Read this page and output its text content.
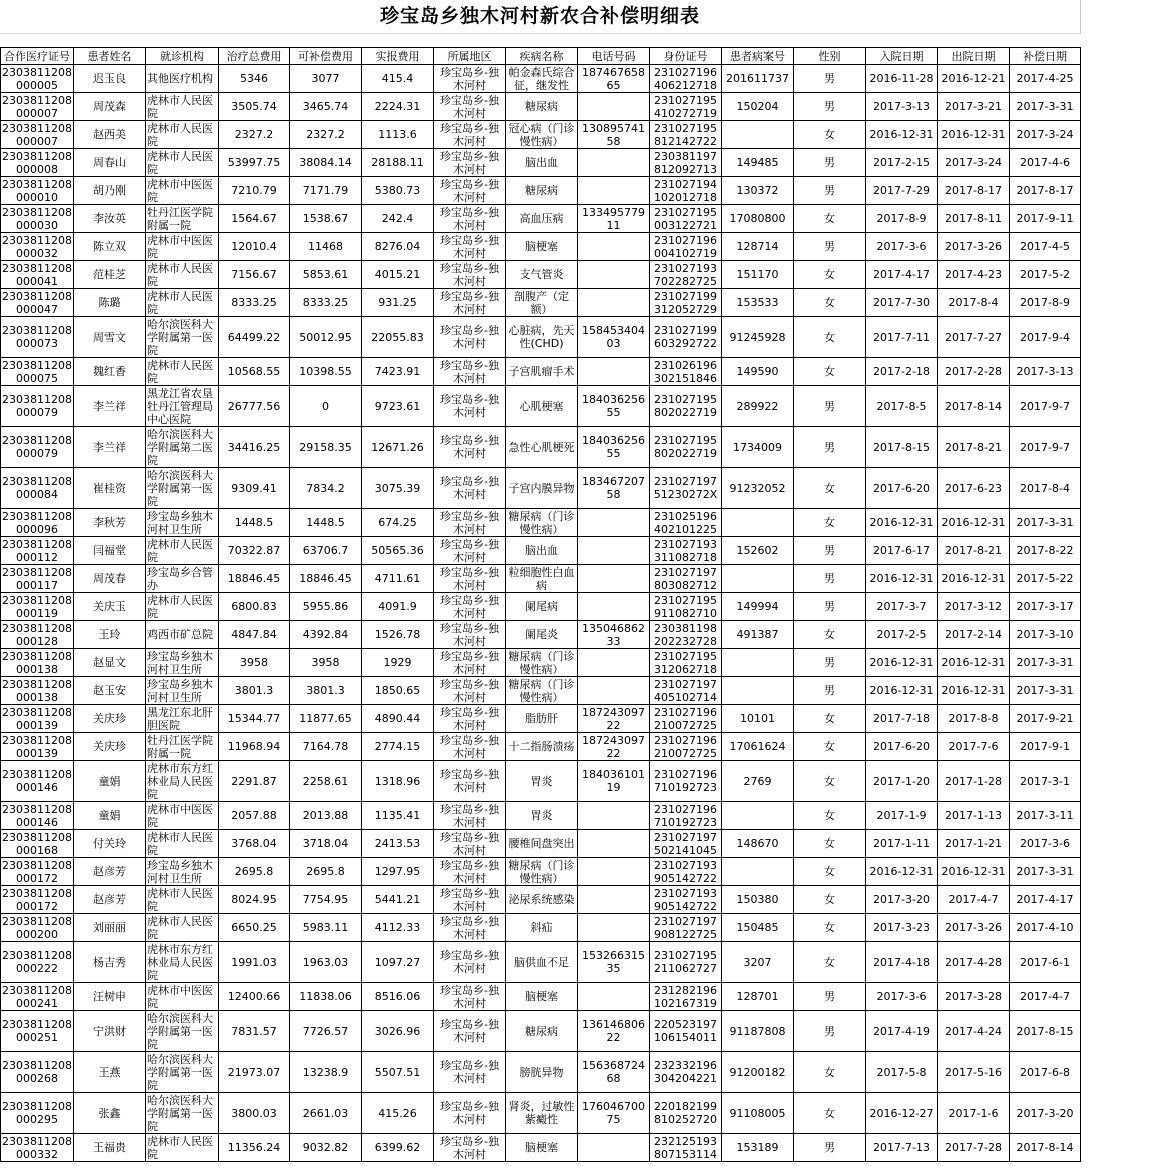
珍宝岛乡独木河村新农合补偿明细表
合作医疗证号	患者姓名	就诊机构	治疗总费用	可补偿费用	实报费用	所属地区	疾病名称	电话号码	身份证号	患者病案号	性别	入院日期	出院日期	补偿日期
2303811208000005	迟玉良	其他医疗机构	5346	3077	415.4	珍宝岛乡-独木河村	帕金森氏综合征，继发性	18746765865	231027196406212718	201611737	男	2016-11-28	2016-12-21	2017-4-25
2303811208000007	周茂森	虎林市人民医院	3505.74	3465.74	2224.31	珍宝岛乡-独木河村	糖尿病		231027195410272719	150204	男	2017-3-13	2017-3-21	2017-3-31
2303811208000007	赵西美	虎林市人民医院	2327.2	2327.2	1113.6	珍宝岛乡-独木河村	冠心病（门诊慢性病）	13089574158	231027195812142722		女	2016-12-31	2016-12-31	2017-3-24
2303811208000008	周春山	虎林市人民医院	53997.75	38084.14	28188.11	珍宝岛乡-独木河村	脑出血		230381197812092713	149485	男	2017-2-15	2017-3-24	2017-4-6
2303811208000010	胡乃刚	虎林市中医医院	7210.79	7171.79	5380.73	珍宝岛乡-独木河村	糖尿病		231027194102012718	130372	男	2017-7-29	2017-8-17	2017-8-17
2303811208000030	李汝英	牡丹江医学院附属一院	1564.67	1538.67	242.4	珍宝岛乡-独木河村	高血压病	13349577911	231027195003122721	17080800	女	2017-8-9	2017-8-11	2017-9-11
2303811208000032	陈立双	虎林市中医医院	12010.4	11468	8276.04	珍宝岛乡-独木河村	脑梗塞		231027196004102719	128714	男	2017-3-6	2017-3-26	2017-4-5
2303811208000041	范桂芝	虎林市人民医院	7156.67	5853.61	4015.21	珍宝岛乡-独木河村	支气管炎		231027193702282725	151170	女	2017-4-17	2017-4-23	2017-5-2
2303811208000047	陈璐	虎林市人民医院	8333.25	8333.25	931.25	珍宝岛乡-独木河村	剖腹产（定额）		231027199312052729	153533	女	2017-7-30	2017-8-4	2017-8-9
2303811208000073	周雪文	哈尔滨医科大学附属第一医院	64499.22	50012.95	22055.83	珍宝岛乡-独木河村	心脏病，先天性(CHD)	15845340403	231027199603292722	91245928	女	2017-7-11	2017-7-27	2017-9-4
2303811208000075	魏红香	虎林市人民医院	10568.55	10398.55	7423.91	珍宝岛乡-独木河村	子宫肌瘤手术		231026196302151846	149590	女	2017-2-18	2017-2-28	2017-3-13
2303811208000079	李兰祥	黑龙江省农垦牡丹江管理局中心医院	26777.56	0	9723.61	珍宝岛乡-独木河村	心肌梗塞	18403625655	231027195802022719	289922	男	2017-8-5	2017-8-14	2017-9-7
2303811208000079	李兰祥	哈尔滨医科大学附属第二医院	34416.25	29158.35	12671.26	珍宝岛乡-独木河村	急性心肌梗死	18403625655	231027195802022719	1734009	男	2017-8-15	2017-8-21	2017-9-7
2303811208000084	崔桂资	哈尔滨医科大学附属第一医院	9309.41	7834.2	3075.39	珍宝岛乡-独木河村	子宫内膜异物	18346720758	23102719751230272X	91232052	女	2017-6-20	2017-6-23	2017-8-4
2303811208000096	李秋芳	珍宝岛乡独木河村卫生所	1448.5	1448.5	674.25	珍宝岛乡-独木河村	糖尿病（门诊慢性病）		231025196402101225		女	2016-12-31	2016-12-31	2017-3-31
2303811208000112	闫福堂	虎林市人民医院	70322.87	63706.7	50565.36	珍宝岛乡-独木河村	脑出血		231027193311082718	152602	男	2017-6-17	2017-8-21	2017-8-22
2303811208000117	周茂春	珍宝岛乡合管办	18846.45	18846.45	4711.61	珍宝岛乡-独木河村	粒细胞性白血病		231027197803082712		男	2016-12-31	2016-12-31	2017-5-22
2303811208000119	关庆玉	虎林市人民医院	6800.83	5955.86	4091.9	珍宝岛乡-独木河村	阑尾病		231027195911082710	149994	男	2017-3-7	2017-3-12	2017-3-17
2303811208000128	王玲	鸡西市矿总院	4847.84	4392.84	1526.78	珍宝岛乡-独木河村	阑尾炎	13504686233	230381198202232728	491387	女	2017-2-5	2017-2-14	2017-3-10
2303811208000138	赵显文	珍宝岛乡独木河村卫生所	3958	3958	1929	珍宝岛乡-独木河村	糖尿病（门诊慢性病）		231027195312062718		男	2016-12-31	2016-12-31	2017-3-31
2303811208000138	赵玉安	珍宝岛乡独木河村卫生所	3801.3	3801.3	1850.65	珍宝岛乡-独木河村	糖尿病（门诊慢性病）		231027197405102714		男	2016-12-31	2016-12-31	2017-3-31
2303811208000139	关庆珍	黑龙江东北肝胆医院	15344.77	11877.65	4890.44	珍宝岛乡-独木河村	脂肪肝	18724309722	231027196210072725	10101	女	2017-7-18	2017-8-8	2017-9-21
2303811208000139	关庆珍	牡丹江医学院附属一院	11968.94	7164.78	2774.15	珍宝岛乡-独木河村	十二指肠溃疡	18724309722	231027196210072725	17061624	女	2017-6-20	2017-7-6	2017-9-1
2303811208000146	童娟	虎林市东方红林业局人民医院	2291.87	2258.61	1318.96	珍宝岛乡-独木河村	胃炎	18403610119	231027196710192723	2769	女	2017-1-20	2017-1-28	2017-3-1
2303811208000146	童娟	虎林市中医医院	2057.88	2013.88	1135.41	珍宝岛乡-独木河村	胃炎		231027196710192723		女	2017-1-9	2017-1-13	2017-3-11
2303811208000168	付关玲	虎林市人民医院	3768.04	3718.04	2413.53	珍宝岛乡-独木河村	腰椎间盘突出		231027197502141045	148670	女	2017-1-11	2017-1-21	2017-3-6
2303811208000172	赵彦芳	珍宝岛乡独木河村卫生所	2695.8	2695.8	1297.95	珍宝岛乡-独木河村	糖尿病（门诊慢性病）		231027193905142722		女	2016-12-31	2016-12-31	2017-3-31
2303811208000172	赵彦芳	虎林市人民医院	8024.95	7754.95	5441.21	珍宝岛乡-独木河村	泌尿系统感染		231027193905142722	150380	女	2017-3-20	2017-4-7	2017-4-17
2303811208000200	刘丽丽	虎林市人民医院	6650.25	5983.11	4112.33	珍宝岛乡-独木河村	斜疝		231027197908122725	150485	女	2017-3-23	2017-3-26	2017-4-10
2303811208000222	杨吉秀	虎林市东方红林业局人民医院	1991.03	1963.03	1097.27	珍宝岛乡-独木河村	脑供血不足	15326631535	231027195211062727	3207	女	2017-4-18	2017-4-28	2017-6-1
2303811208000241	汪树申	虎林市中医医院	12400.66	11838.06	8516.06	珍宝岛乡-独木河村	脑梗塞		231282196102167319	128701	男	2017-3-6	2017-3-28	2017-4-7
2303811208000251	宁洪财	哈尔滨医科大学附属第一医院	7831.57	7726.57	3026.96	珍宝岛乡-独木河村	糖尿病	13614680622	220523197106154011	91187808	男	2017-4-19	2017-4-24	2017-8-15
2303811208000268	王燕	哈尔滨医科大学附属第一医院	21973.07	13238.9	5507.51	珍宝岛乡-独木河村	膀胱异物	15636872468	232332196304204221	91200182	女	2017-5-8	2017-5-16	2017-6-8
2303811208000295	张鑫	哈尔滨医科大学附属第一医院	3800.03	2661.03	415.26	珍宝岛乡-独木河村	肾炎，过敏性紫癜性	17604670075	220182199810252720	91108005	女	2016-12-27	2017-1-6	2017-3-20
2303811208000332	王福贵	虎林市人民医院	11356.24	9032.82	6399.62	珍宝岛乡-独木河村	脑梗塞		232125193807153114	153189	男	2017-7-13	2017-7-28	2017-8-14
